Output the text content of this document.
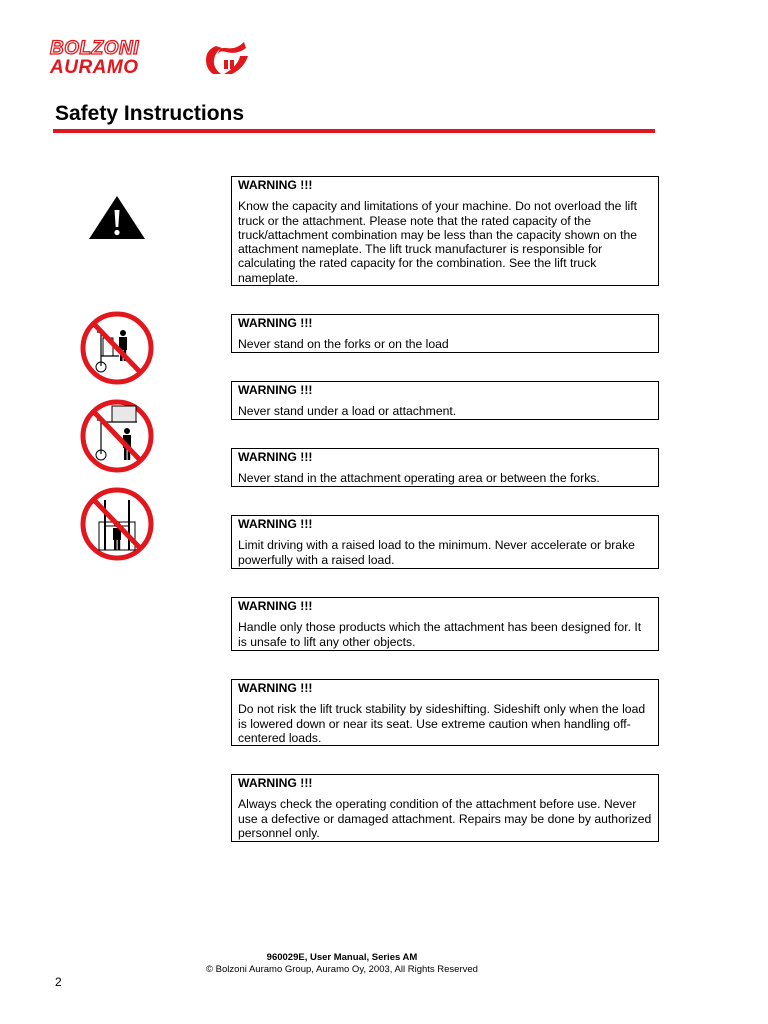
BOLZONI
AURAMO
Safety Instructions
WARNING !!!
Know the capacity and limitations of your machine. Do not overload the lift truck or the attachment. Please note that the rated capacity of the truck/attachment combination may be less than the capacity shown on the attachment nameplate. The lift truck manufacturer is responsible for calculating the rated capacity for the combination. See the lift truck nameplate.
WARNING !!!
Never stand on the forks or on the load
WARNING !!!
Never stand under a load or attachment.
WARNING !!!
Never stand in the attachment operating area or between the forks.
WARNING !!!
Limit driving with a raised load to the minimum. Never accelerate or brake powerfully with a raised load.
WARNING !!!
Handle only those products which the attachment has been designed for. It is unsafe to lift any other objects.
WARNING !!!
Do not risk the lift truck stability by sideshifting. Sideshift only when the load is lowered down or near its seat. Use extreme caution when handling off-centered loads.
WARNING !!!
Always check the operating condition of the attachment before use. Never use a defective or damaged attachment. Repairs may be done by authorized personnel only.
960029E, User Manual, Series AM
© Bolzoni Auramo Group, Auramo Oy, 2003, All Rights Reserved
2
